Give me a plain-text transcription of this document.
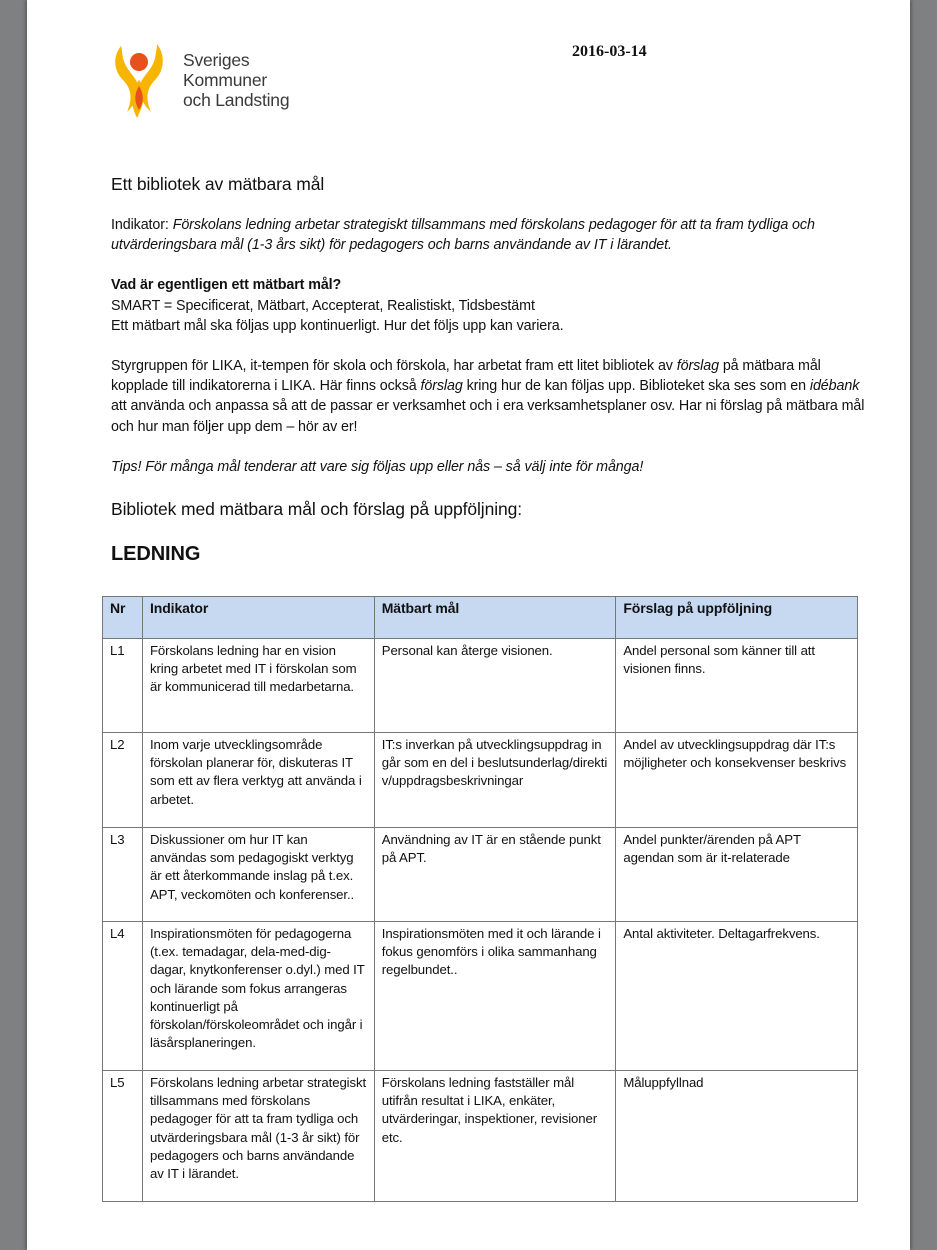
Sveriges
Kommuner
och Landsting
2016-03-14
Ett bibliotek av mätbara mål

Indikator: Förskolans ledning arbetar strategiskt tillsammans med förskolans pedagoger för att ta fram tydliga och utvärderingsbara mål (1-3 års sikt) för pedagogers och barns användande av IT i lärandet.

Vad är egentligen ett mätbart mål?
SMART = Specificerat, Mätbart, Accepterat, Realistiskt, Tidsbestämt
Ett mätbart mål ska följas upp kontinuerligt. Hur det följs upp kan variera.

Styrgruppen för LIKA, it-tempen för skola och förskola, har arbetat fram ett litet bibliotek av förslag på mätbara mål kopplade till indikatorerna i LIKA. Här finns också förslag kring hur de kan följas upp. Biblioteket ska ses som en idébank att använda och anpassa så att de passar er verksamhet och i era verksamhetsplaner osv. Har ni förslag på mätbara mål och hur man följer upp dem – hör av er!

Tips! För många mål tenderar att vare sig följas upp eller nås – så välj inte för många!

Bibliotek med mätbara mål och förslag på uppföljning:
LEDNING
Nr	Indikator	Mätbart mål	Förslag på uppföljning
L1	Förskolans ledning har en vision kring arbetet med IT i förskolan som är kommunicerad till medarbetarna.	Personal kan återge visionen.	Andel personal som känner till att visionen finns.
L2	Inom varje utvecklingsområde förskolan planerar för, diskuteras IT som ett av flera verktyg att använda i arbetet.	IT:s inverkan på utvecklingsuppdrag ingår som en del i beslutsunderlag/direktiv/uppdragsbeskrivningar	Andel av utvecklingsuppdrag där IT:s möjligheter och konsekvenser beskrivs
L3	Diskussioner om hur IT kan användas som pedagogiskt verktyg är ett återkommande inslag på t.ex. APT, veckomöten och konferenser..	Användning av IT är en stående punkt på APT.	Andel punkter/ärenden på APT agendan som är it-relaterade
L4	Inspirationsmöten för pedagogerna (t.ex. temadagar, dela-med-dig-dagar, knytkonferenser o.dyl.) med IT och lärande som fokus arrangeras kontinuerligt på förskolan/förskoleområdet och ingår i läsårsplaneringen.	Inspirationsmöten med it och lärande i fokus genomförs i olika sammanhang regelbundet..	Antal aktiviteter. Deltagarfrekvens.
L5	Förskolans ledning arbetar strategiskt tillsammans med förskolans pedagoger för att ta fram tydliga och utvärderingsbara mål (1-3 år sikt) för pedagogers och barns användande av IT i lärandet.	Förskolans ledning fastställer mål utifrån resultat i LIKA, enkäter, utvärderingar, inspektioner, revisioner etc.	Måluppfyllnad
